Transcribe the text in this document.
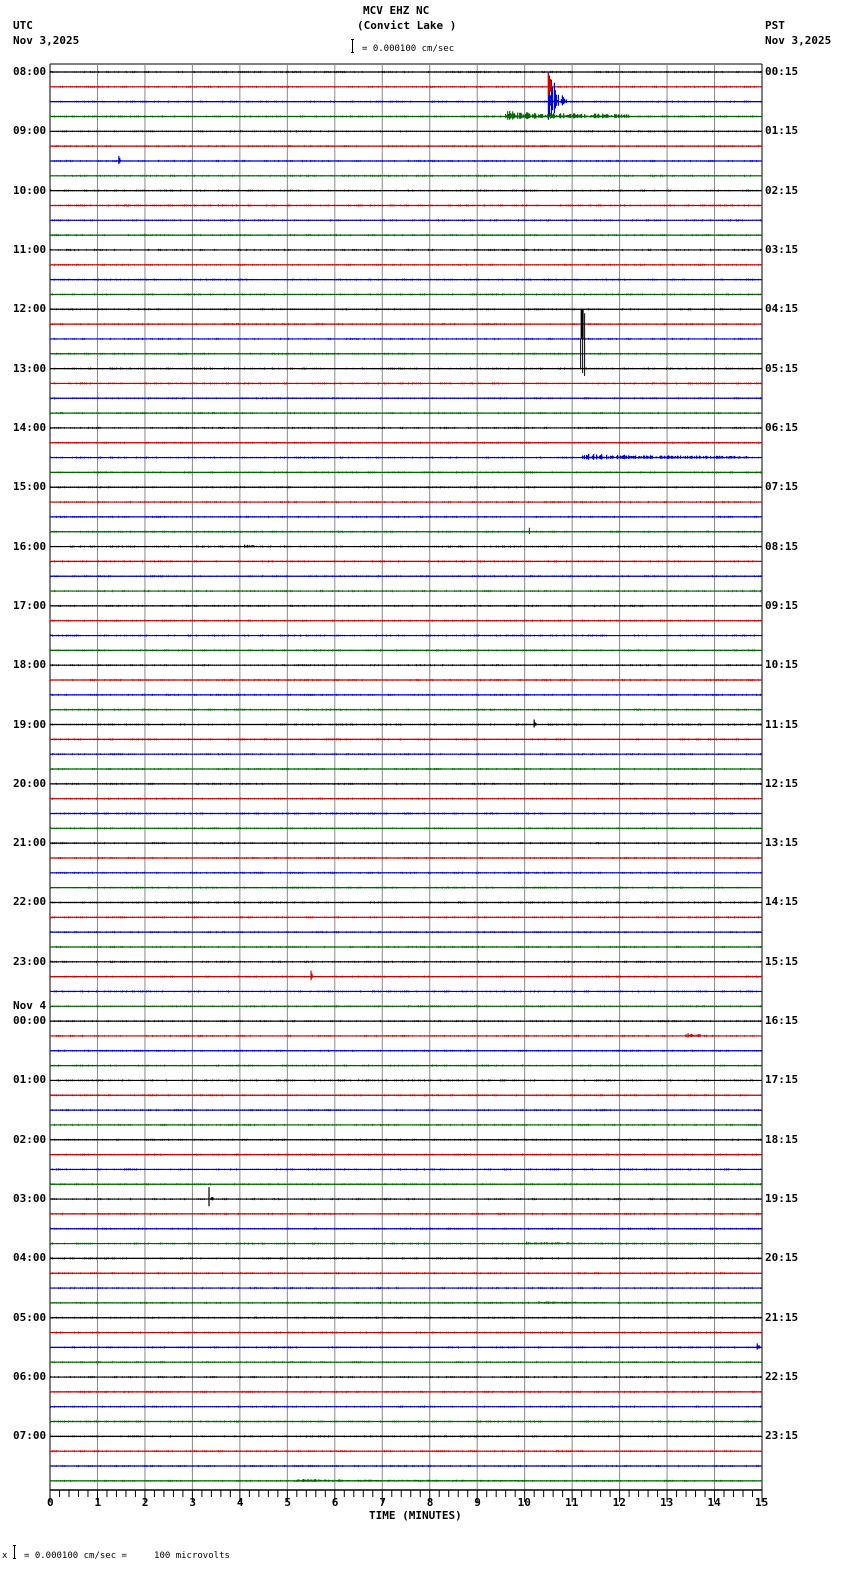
MCV EHZ NC
(Convict Lake )
UTC
Nov 3,2025
PST
Nov 3,2025
= 0.000100 cm/sec
0	1	2	3	4	5	6	7	8	9	10	11	12	13	14	15
08:00	00:15
09:00	01:15
10:00	02:15
11:00	03:15
12:00	04:15
13:00	05:15
14:00	06:15
15:00	07:15
16:00	08:15
17:00	09:15
18:00	10:15
19:00	11:15
20:00	12:15
21:00	13:15
22:00	14:15
23:00	15:15
00:00	16:15
01:00	17:15
02:00	18:15
03:00	19:15
04:00	20:15
05:00	21:15
06:00	22:15
07:00	23:15
Nov 4
TIME (MINUTES)
x = 0.000100 cm/sec =     100 microvolts
